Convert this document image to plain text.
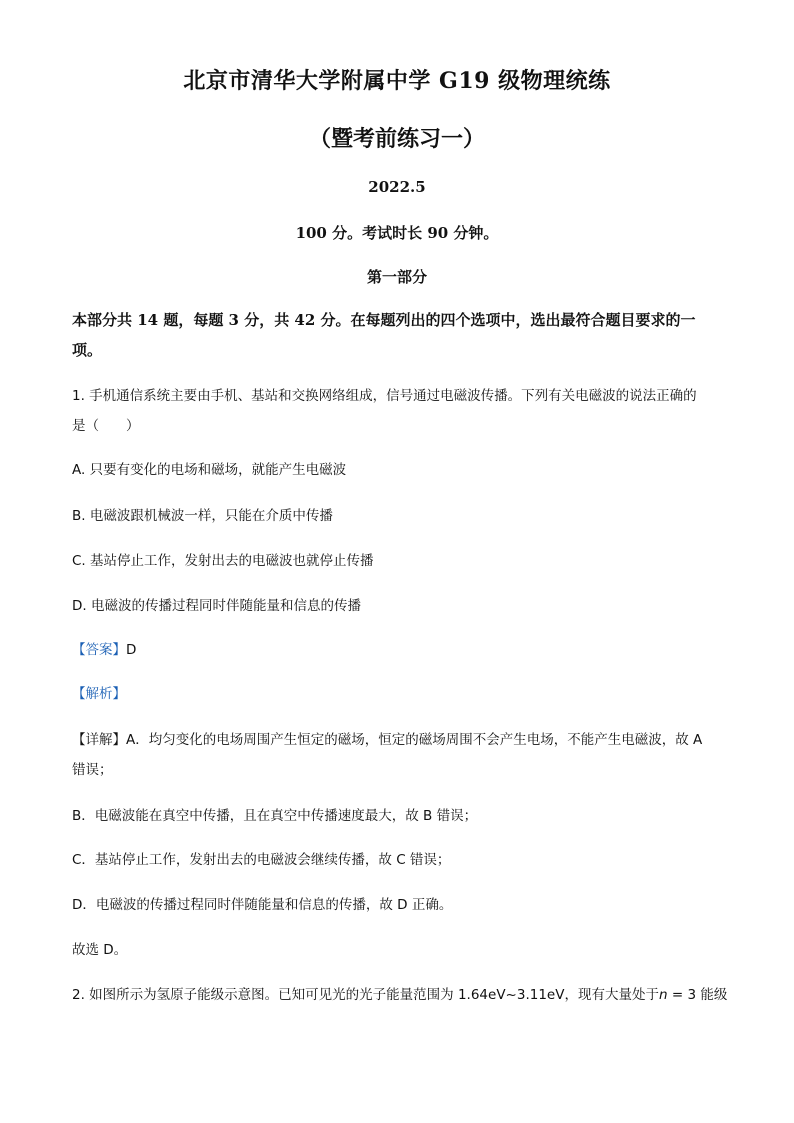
北京市清华大学附属中学 G19 级物理统练
（暨考前练习一）
2022.5
100 分。考试时长 90 分钟。
第一部分
本部分共 14 题，每题 3 分，共 42 分。在每题列出的四个选项中，选出最符合题目要求的一
项。
1. 手机通信系统主要由手机、基站和交换网络组成，信号通过电磁波传播。下列有关电磁波的说法正确的
是（　　）
A. 只要有变化的电场和磁场，就能产生电磁波
B. 电磁波跟机械波一样，只能在介质中传播
C. 基站停止工作，发射出去的电磁波也就停止传播
D. 电磁波的传播过程同时伴随能量和信息的传播
【答案】D
【解析】
【详解】A．均匀变化的电场周围产生恒定的磁场，恒定的磁场周围不会产生电场，不能产生电磁波，故 A
错误；
B．电磁波能在真空中传播，且在真空中传播速度最大，故 B 错误；
C．基站停止工作，发射出去的电磁波会继续传播，故 C 错误；
D．电磁波的传播过程同时伴随能量和信息的传播，故 D 正确。
故选 D。
2. 如图所示为氢原子能级示意图。已知可见光的光子能量范围为 1.64eV~3.11eV，现有大量处于n = 3 能级
